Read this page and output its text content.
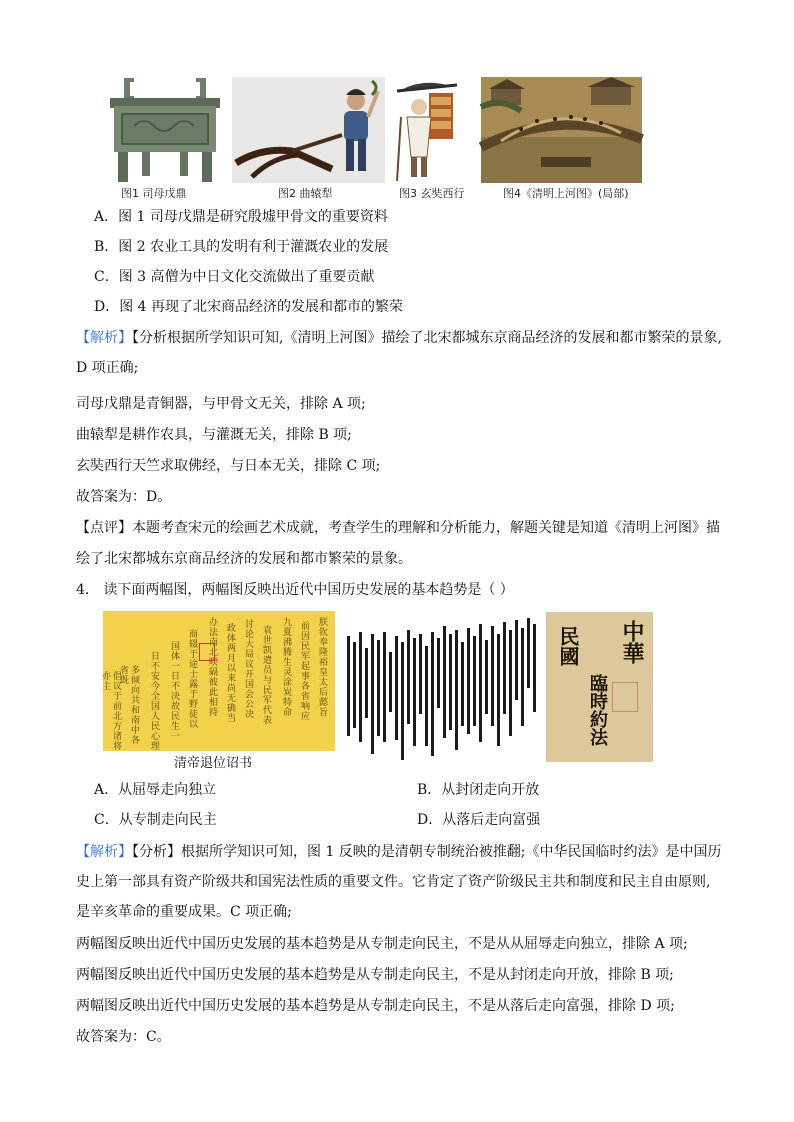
图1 司母戊鼎	图2 曲辕犁	图3 玄奘西行	图4《清明上河图》(局部)
A．图 1 司母戊鼎是研究殷墟甲骨文的重要资料
B．图 2 农业工具的发明有利于灌溉农业的发展
C．图 3 高僧为中日文化交流做出了重要贡献
D．图 4 再现了北宋商品经济的发展和都市的繁荣
【解析】【分析根据所学知识可知,《清明上河图》描绘了北宋都城东京商品经济的发展和都市繁荣的景象,
D 项正确;
司母戊鼎是青铜器，与甲骨文无关，排除 A 项;
曲辕犁是耕作农具，与灌溉无关，排除 B 项;
玄奘西行天竺求取佛经，与日本无关，排除 C 项;
故答案为：D。
【点评】本题考查宋元的绘画艺术成就，考查学生的理解和分析能力，解题关键是知道《清明上河图》描
绘了北宋都城东京商品经济的发展和都市繁荣的景象。
4． 读下面两幅图，两幅图反映出近代中国历史发展的基本趋势是（ ）
朕钦奉隆裕皇太后懿旨
前因民军起事各省响应
九夏沸腾生灵涂炭特命
袁世凯遣员与民军代表
讨论大局议开国会公决
政体两月以来尚无确当
办法南北暌隔彼此相持
商辍于途士露于野徒以
国体一日不决故民生一
日不安今全国人民心理
多倾向共和南中各省既
倡议于前北方诸将亦主
清帝退位诏书
中華
民國
臨時約法
A．从屈辱走向独立	B．从封闭走向开放
C．从专制走向民主	D．从落后走向富强
【解析】【分析】根据所学知识可知，图 1 反映的是清朝专制统治被推翻;《中华民国临时约法》是中国历
史上第一部具有资产阶级共和国宪法性质的重要文件。它肯定了资产阶级民主共和制度和民主自由原则,
是辛亥革命的重要成果。C 项正确;
两幅图反映出近代中国历史发展的基本趋势是从专制走向民主，不是从从屈辱走向独立，排除 A 项;
两幅图反映出近代中国历史发展的基本趋势是从专制走向民主，不是从封闭走向开放，排除 B 项;
两幅图反映出近代中国历史发展的基本趋势是从专制走向民主，不是从落后走向富强，排除 D 项;
故答案为：C。
